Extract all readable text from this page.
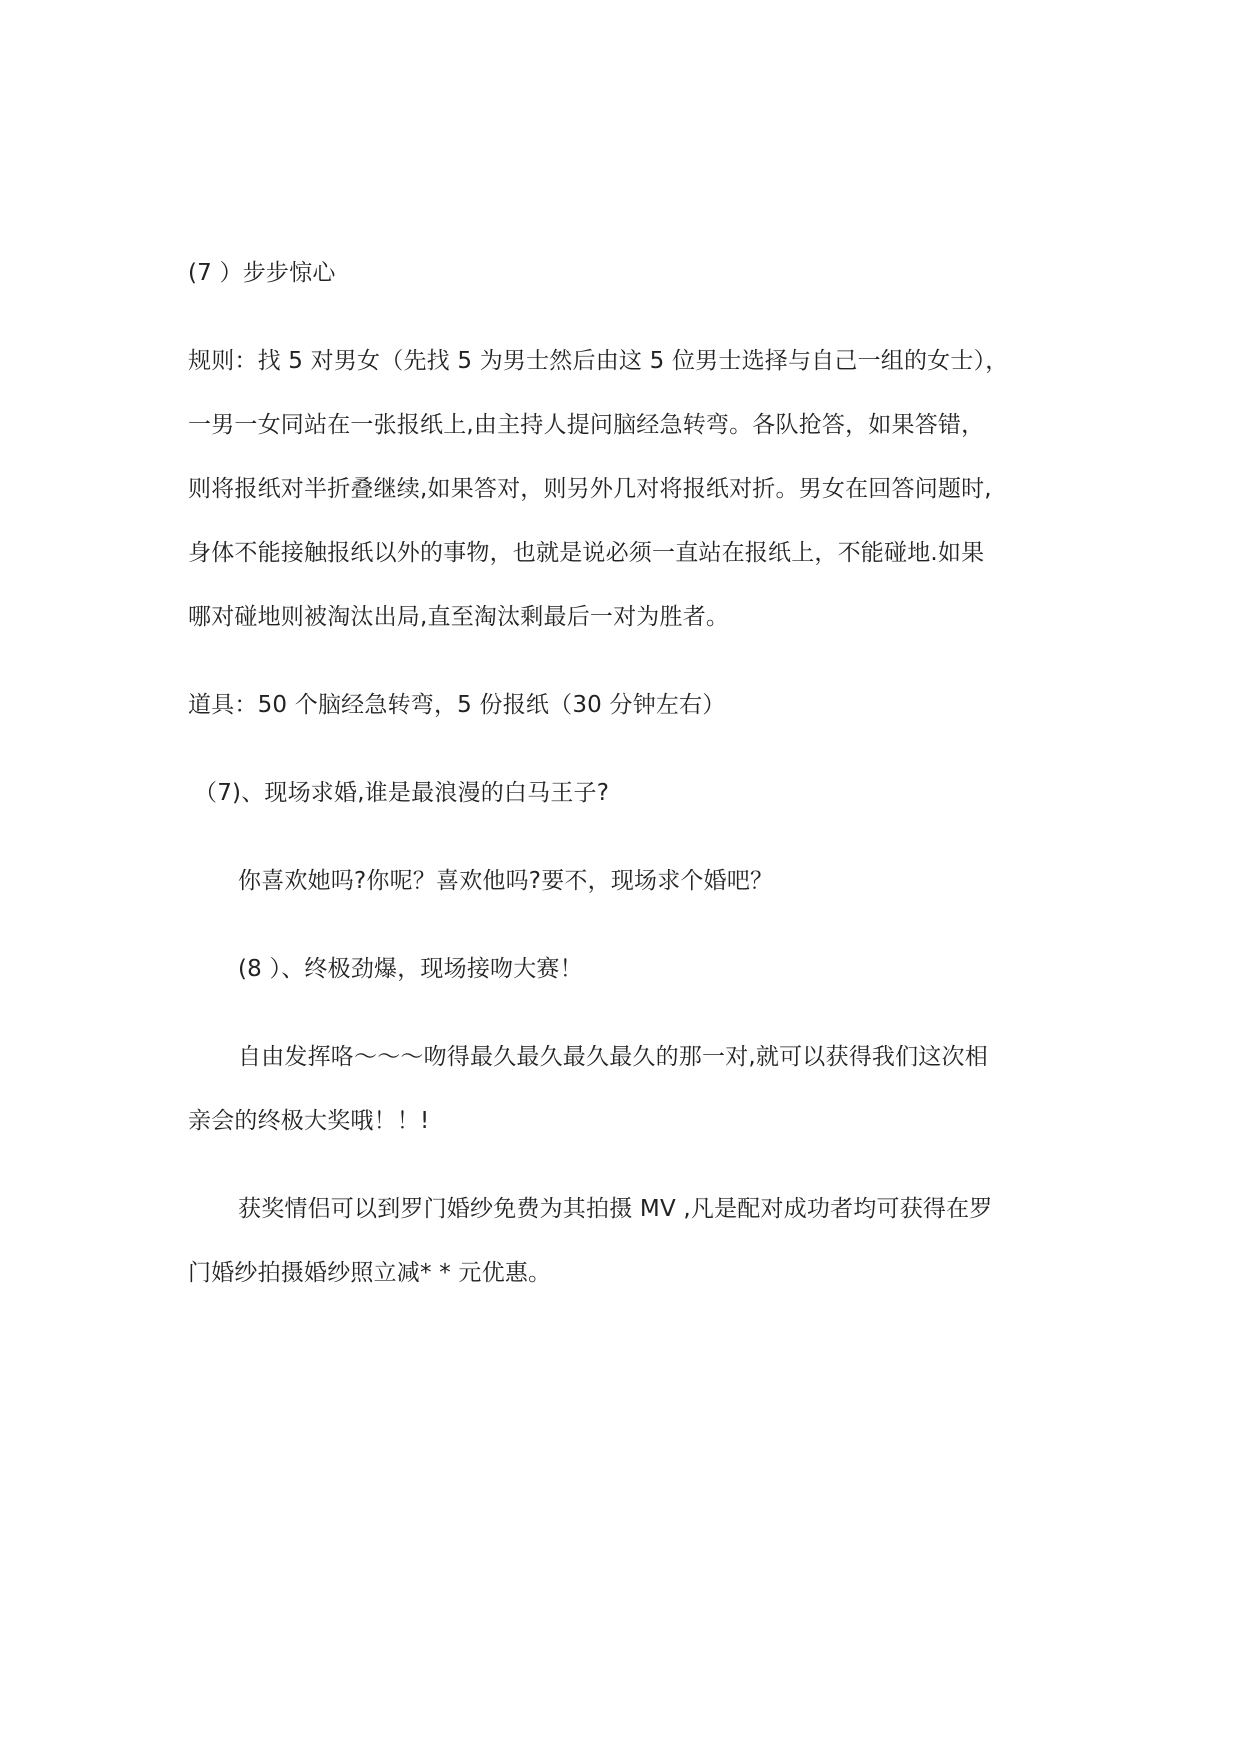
(7 ）步步惊心
规则：找 5 对男女（先找 5 为男士然后由这 5 位男士选择与自己一组的女士），
一男一女同站在一张报纸上,由主持人提问脑经急转弯。各队抢答，如果答错，
则将报纸对半折叠继续,如果答对，则另外几对将报纸对折。男女在回答问题时,
身体不能接触报纸以外的事物，也就是说必须一直站在报纸上，不能碰地.如果
哪对碰地则被淘汰出局,直至淘汰剩最后一对为胜者。
道具：50 个脑经急转弯，5 份报纸（30 分钟左右）
（7)、现场求婚,谁是最浪漫的白马王子?
你喜欢她吗?你呢？喜欢他吗?要不，现场求个婚吧？
(8 ）、终极劲爆，现场接吻大赛！
自由发挥咯～～～吻得最久最久最久最久的那一对,就可以获得我们这次相
亲会的终极大奖哦！！!
获奖情侣可以到罗门婚纱免费为其拍摄 MV ,凡是配对成功者均可获得在罗
门婚纱拍摄婚纱照立减* * 元优惠。
